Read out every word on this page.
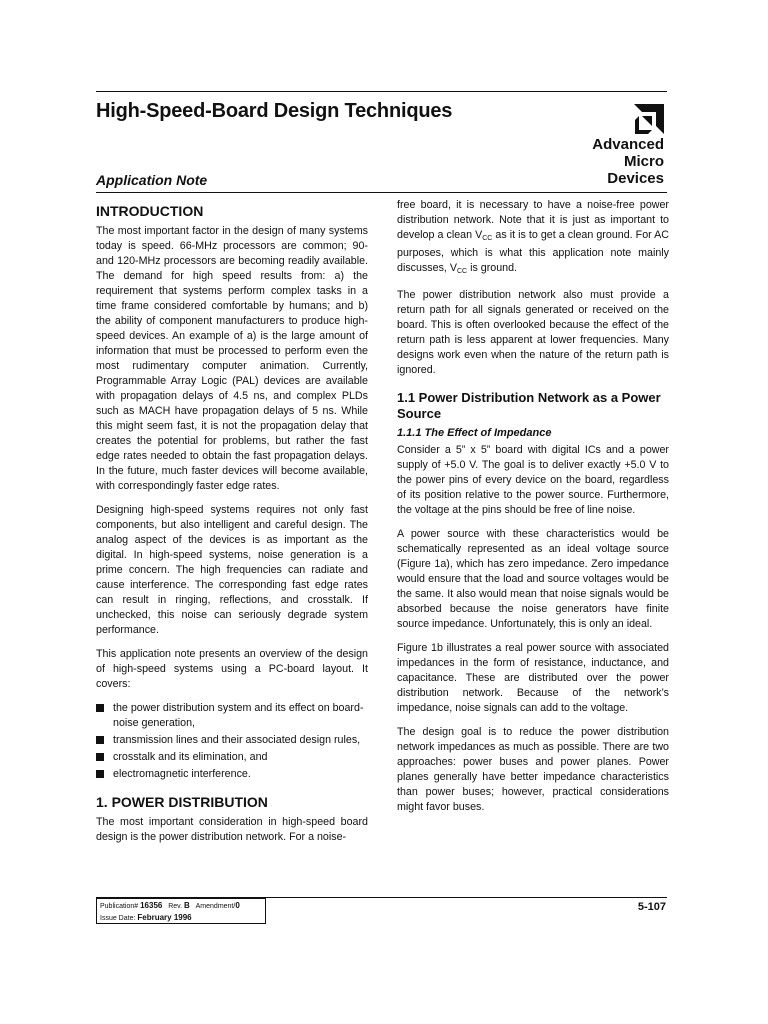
High-Speed-Board Design Techniques
Advanced
Micro
Devices
Application Note
INTRODUCTION

The most important factor in the design of many systems today is speed. 66-MHz processors are common; 90- and 120-MHz processors are becoming readily available. The demand for high speed results from: a) the requirement that systems perform complex tasks in a time frame considered comfortable by humans; and b) the ability of component manufacturers to produce high-speed devices. An example of a) is the large amount of information that must be processed to perform even the most rudimentary computer animation. Currently, Programmable Array Logic (PAL) devices are available with propagation delays of 4.5 ns, and complex PLDs such as MACH have propagation delays of 5 ns. While this might seem fast, it is not the propagation delay that creates the potential for problems, but rather the fast edge rates needed to obtain the fast propagation delays. In the future, much faster devices will become available, with correspondingly faster edge rates.

Designing high-speed systems requires not only fast components, but also intelligent and careful design. The analog aspect of the devices is as important as the digital. In high-speed systems, noise generation is a prime concern. The high frequencies can radiate and cause interference. The corresponding fast edge rates can result in ringing, reflections, and crosstalk. If unchecked, this noise can seriously degrade system performance.

This application note presents an overview of the design of high-speed systems using a PC-board layout. It covers:

the power distribution system and its effect on board-noise generation,
transmission lines and their associated design rules,
crosstalk and its elimination, and
electromagnetic interference.
1. POWER DISTRIBUTION

The most important consideration in high-speed board design is the power distribution network. For a noise-

free board, it is necessary to have a noise-free power distribution network. Note that it is just as important to develop a clean $V_{CC}$ as it is to get a clean ground. For AC purposes, which is what this application note mainly discusses, $V_{CC}$ is ground.

The power distribution network also must provide a return path for all signals generated or received on the board. This is often overlooked because the effect of the return path is less apparent at lower frequencies. Many designs work even when the nature of the return path is ignored.

1.1 Power Distribution Network as a Power Source
1.1.1 The Effect of Impedance

Consider a 5” x 5” board with digital ICs and a power supply of +5.0 V. The goal is to deliver exactly +5.0 V to the power pins of every device on the board, regardless of its position relative to the power source. Furthermore, the voltage at the pins should be free of line noise.

A power source with these characteristics would be schematically represented as an ideal voltage source (Figure 1a), which has zero impedance. Zero impedance would ensure that the load and source voltages would be the same. It also would mean that noise signals would be absorbed because the noise generators have finite source impedance. Unfortunately, this is only an ideal.

Figure 1b illustrates a real power source with associated impedances in the form of resistance, inductance, and capacitance. These are distributed over the power distribution network. Because of the network’s impedance, noise signals can add to the voltage.

The design goal is to reduce the power distribution network impedances as much as possible. There are two approaches: power buses and power planes. Power planes generally have better impedance characteristics than power buses; however, practical considerations might favor buses.

Publication# 16356 Rev. B Amendment/0
Issue Date: February 1996
5-107
